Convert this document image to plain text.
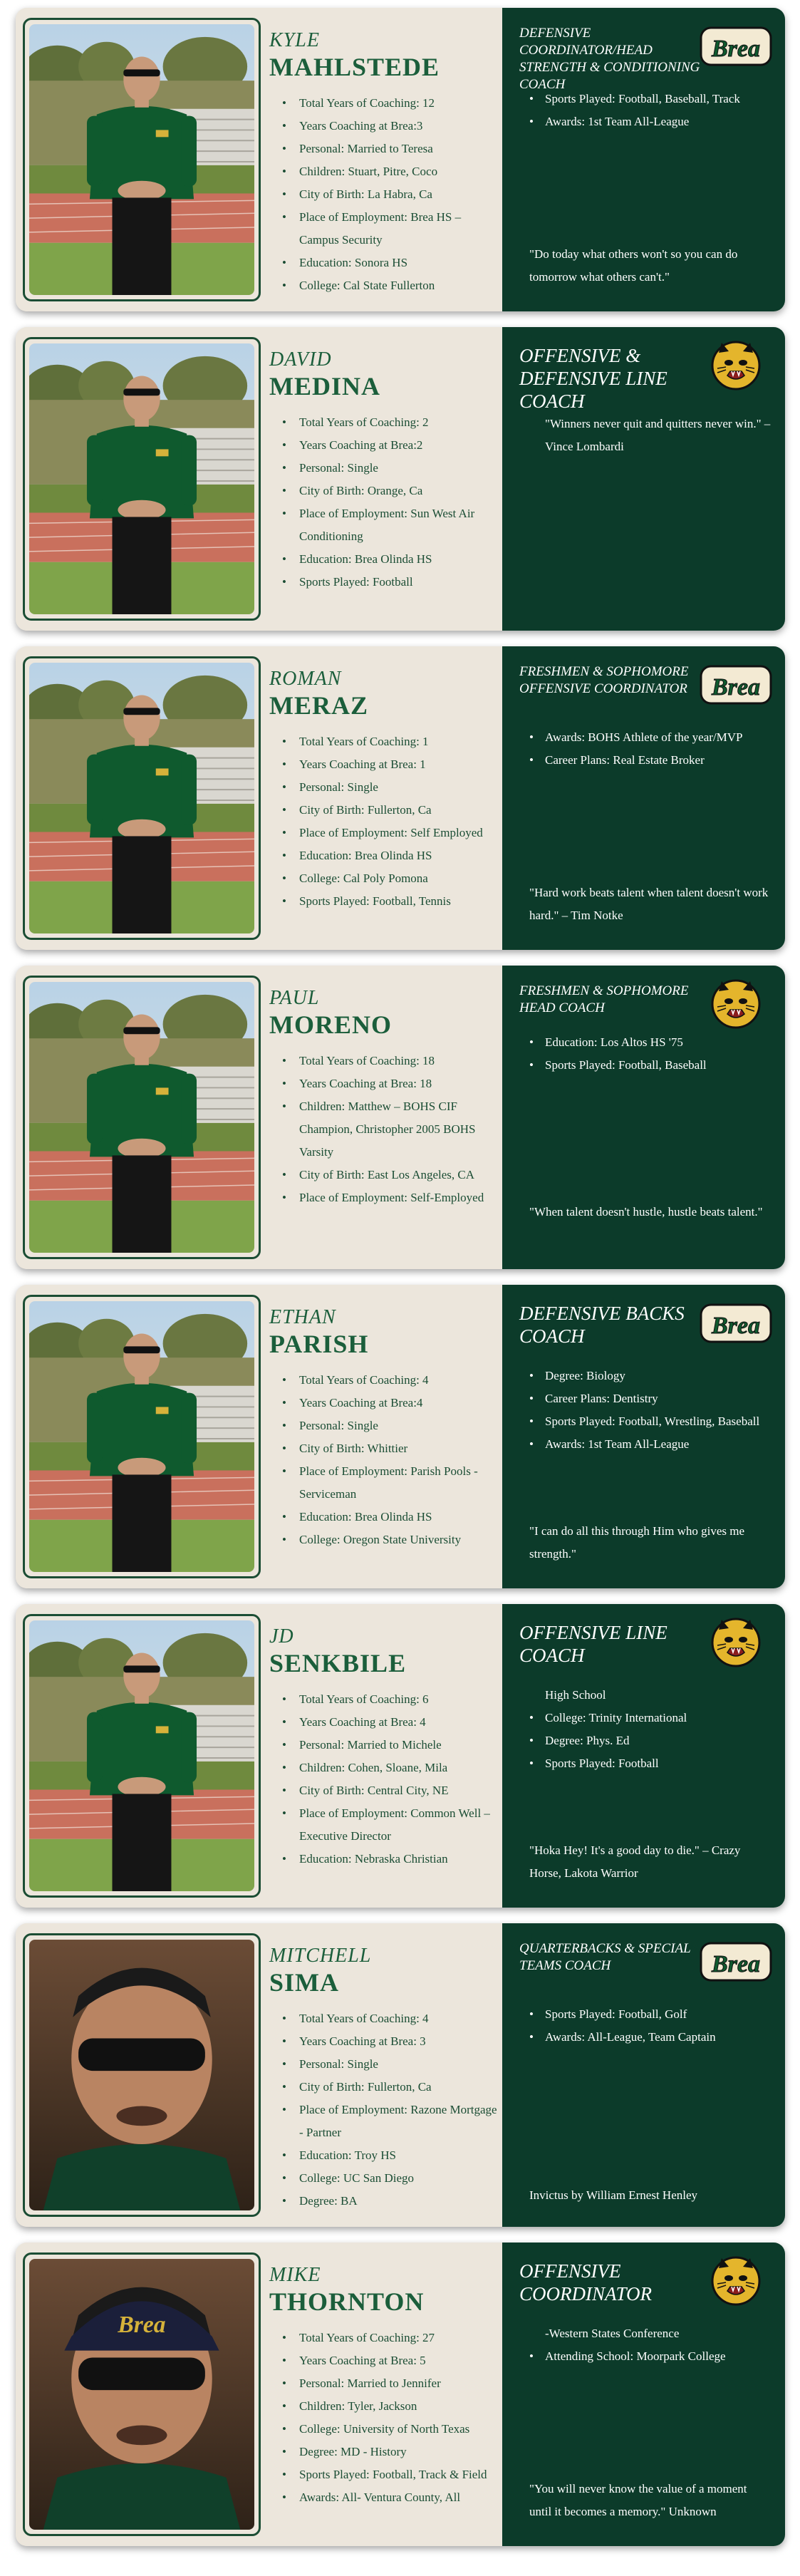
KYLE
MAHLSTEDE
• Total Years of Coaching: 12
• Years Coaching at Brea:3
• Personal: Married to Teresa
• Children: Stuart, Pitre, Coco
• City of Birth: La Habra, Ca
• Place of Employment: Brea HS – Campus Security
• Education: Sonora HS
• College: Cal State Fullerton
DEFENSIVE COORDINATOR/HEAD STRENGTH & CONDITIONING COACH
Brea
• Sports Played: Football, Baseball, Track
• Awards: 1st Team All-League
"Do today what others won't so you can do tomorrow what others can't."
DAVID
MEDINA
• Total Years of Coaching: 2
• Years Coaching at Brea:2
• Personal: Single
• City of Birth: Orange, Ca
• Place of Employment: Sun West Air Conditioning
• Education: Brea Olinda HS
• Sports Played: Football
OFFENSIVE & DEFENSIVE LINE COACH
"Winners never quit and quitters never win." – Vince Lombardi
ROMAN
MERAZ
• Total Years of Coaching: 1
• Years Coaching at Brea: 1
• Personal: Single
• City of Birth: Fullerton, Ca
• Place of Employment: Self Employed
• Education: Brea Olinda HS
• College: Cal Poly Pomona
• Sports Played: Football, Tennis
FRESHMEN & SOPHOMORE OFFENSIVE COORDINATOR	Brea
• Awards: BOHS Athlete of the year/MVP
• Career Plans: Real Estate Broker
"Hard work beats talent when talent doesn't work hard." – Tim Notke
PAUL
MORENO
• Total Years of Coaching: 18
• Years Coaching at Brea: 18
• Children: Matthew – BOHS CIF Champion, Christopher 2005 BOHS Varsity
• City of Birth: East Los Angeles, CA
• Place of Employment: Self-Employed
FRESHMEN & SOPHOMORE HEAD COACH
• Education: Los Altos HS '75
• Sports Played: Football, Baseball
"When talent doesn't hustle, hustle beats talent."
ETHAN
PARISH
• Total Years of Coaching: 4
• Years Coaching at Brea:4
• Personal: Single
• City of Birth: Whittier
• Place of Employment: Parish Pools - Serviceman
• Education: Brea Olinda HS
• College: Oregon State University
DEFENSIVE BACKS COACH	Brea
• Degree: Biology
• Career Plans: Dentistry
• Sports Played: Football, Wrestling, Baseball
• Awards: 1st Team All-League
"I can do all this through Him who gives me strength."
JD
SENKBILE
• Total Years of Coaching: 6
• Years Coaching at Brea: 4
• Personal: Married to Michele
• Children: Cohen, Sloane, Mila
• City of Birth: Central City, NE
• Place of Employment: Common Well – Executive Director
• Education: Nebraska Christian
OFFENSIVE LINE COACH
High School
• College: Trinity International
• Degree: Phys. Ed
• Sports Played: Football
"Hoka Hey! It's a good day to die." – Crazy Horse, Lakota Warrior
MITCHELL
SIMA
• Total Years of Coaching: 4
• Years Coaching at Brea: 3
• Personal: Single
• City of Birth: Fullerton, Ca
• Place of Employment: Razone Mortgage - Partner
• Education: Troy HS
• College: UC San Diego
• Degree: BA
QUARTERBACKS & SPECIAL TEAMS COACH	Brea
• Sports Played: Football, Golf
• Awards: All-League, Team Captain
Invictus by William Ernest Henley
Brea
MIKE
THORNTON
• Total Years of Coaching: 27
• Years Coaching at Brea: 5
• Personal: Married to Jennifer
• Children: Tyler, Jackson
• College: University of North Texas
• Degree: MD - History
• Sports Played: Football, Track & Field
• Awards: All- Ventura County, All
OFFENSIVE COORDINATOR
-Western States Conference
• Attending School: Moorpark College
"You will never know the value of a moment until it becomes a memory." Unknown
